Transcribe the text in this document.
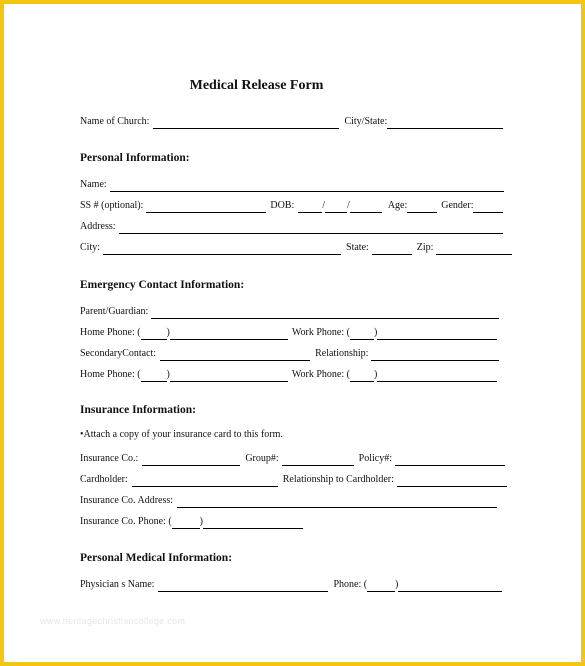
Medical Release Form
Name of Church:	City/State:
Personal Information:
Name:
SS # (optional):	DOB:	/ /	Age:	Gender:
Address:
City:	State:	Zip:
Emergency Contact Information:
Parent/Guardian:
Home Phone: (	)	Work Phone: ( )
SecondaryContact:	Relationship:
Home Phone: (	)	Work Phone: ( )
Insurance Information:
•Attach a copy of your insurance card to this form.
Insurance Co.:	Group#:	Policy#:
Cardholder:	Relationship to Cardholder:
Insurance Co. Address:
Insurance Co. Phone: (	)
Personal Medical Information:
Physician s Name:	Phone: (	)
www.heritagechristiancollege.com
